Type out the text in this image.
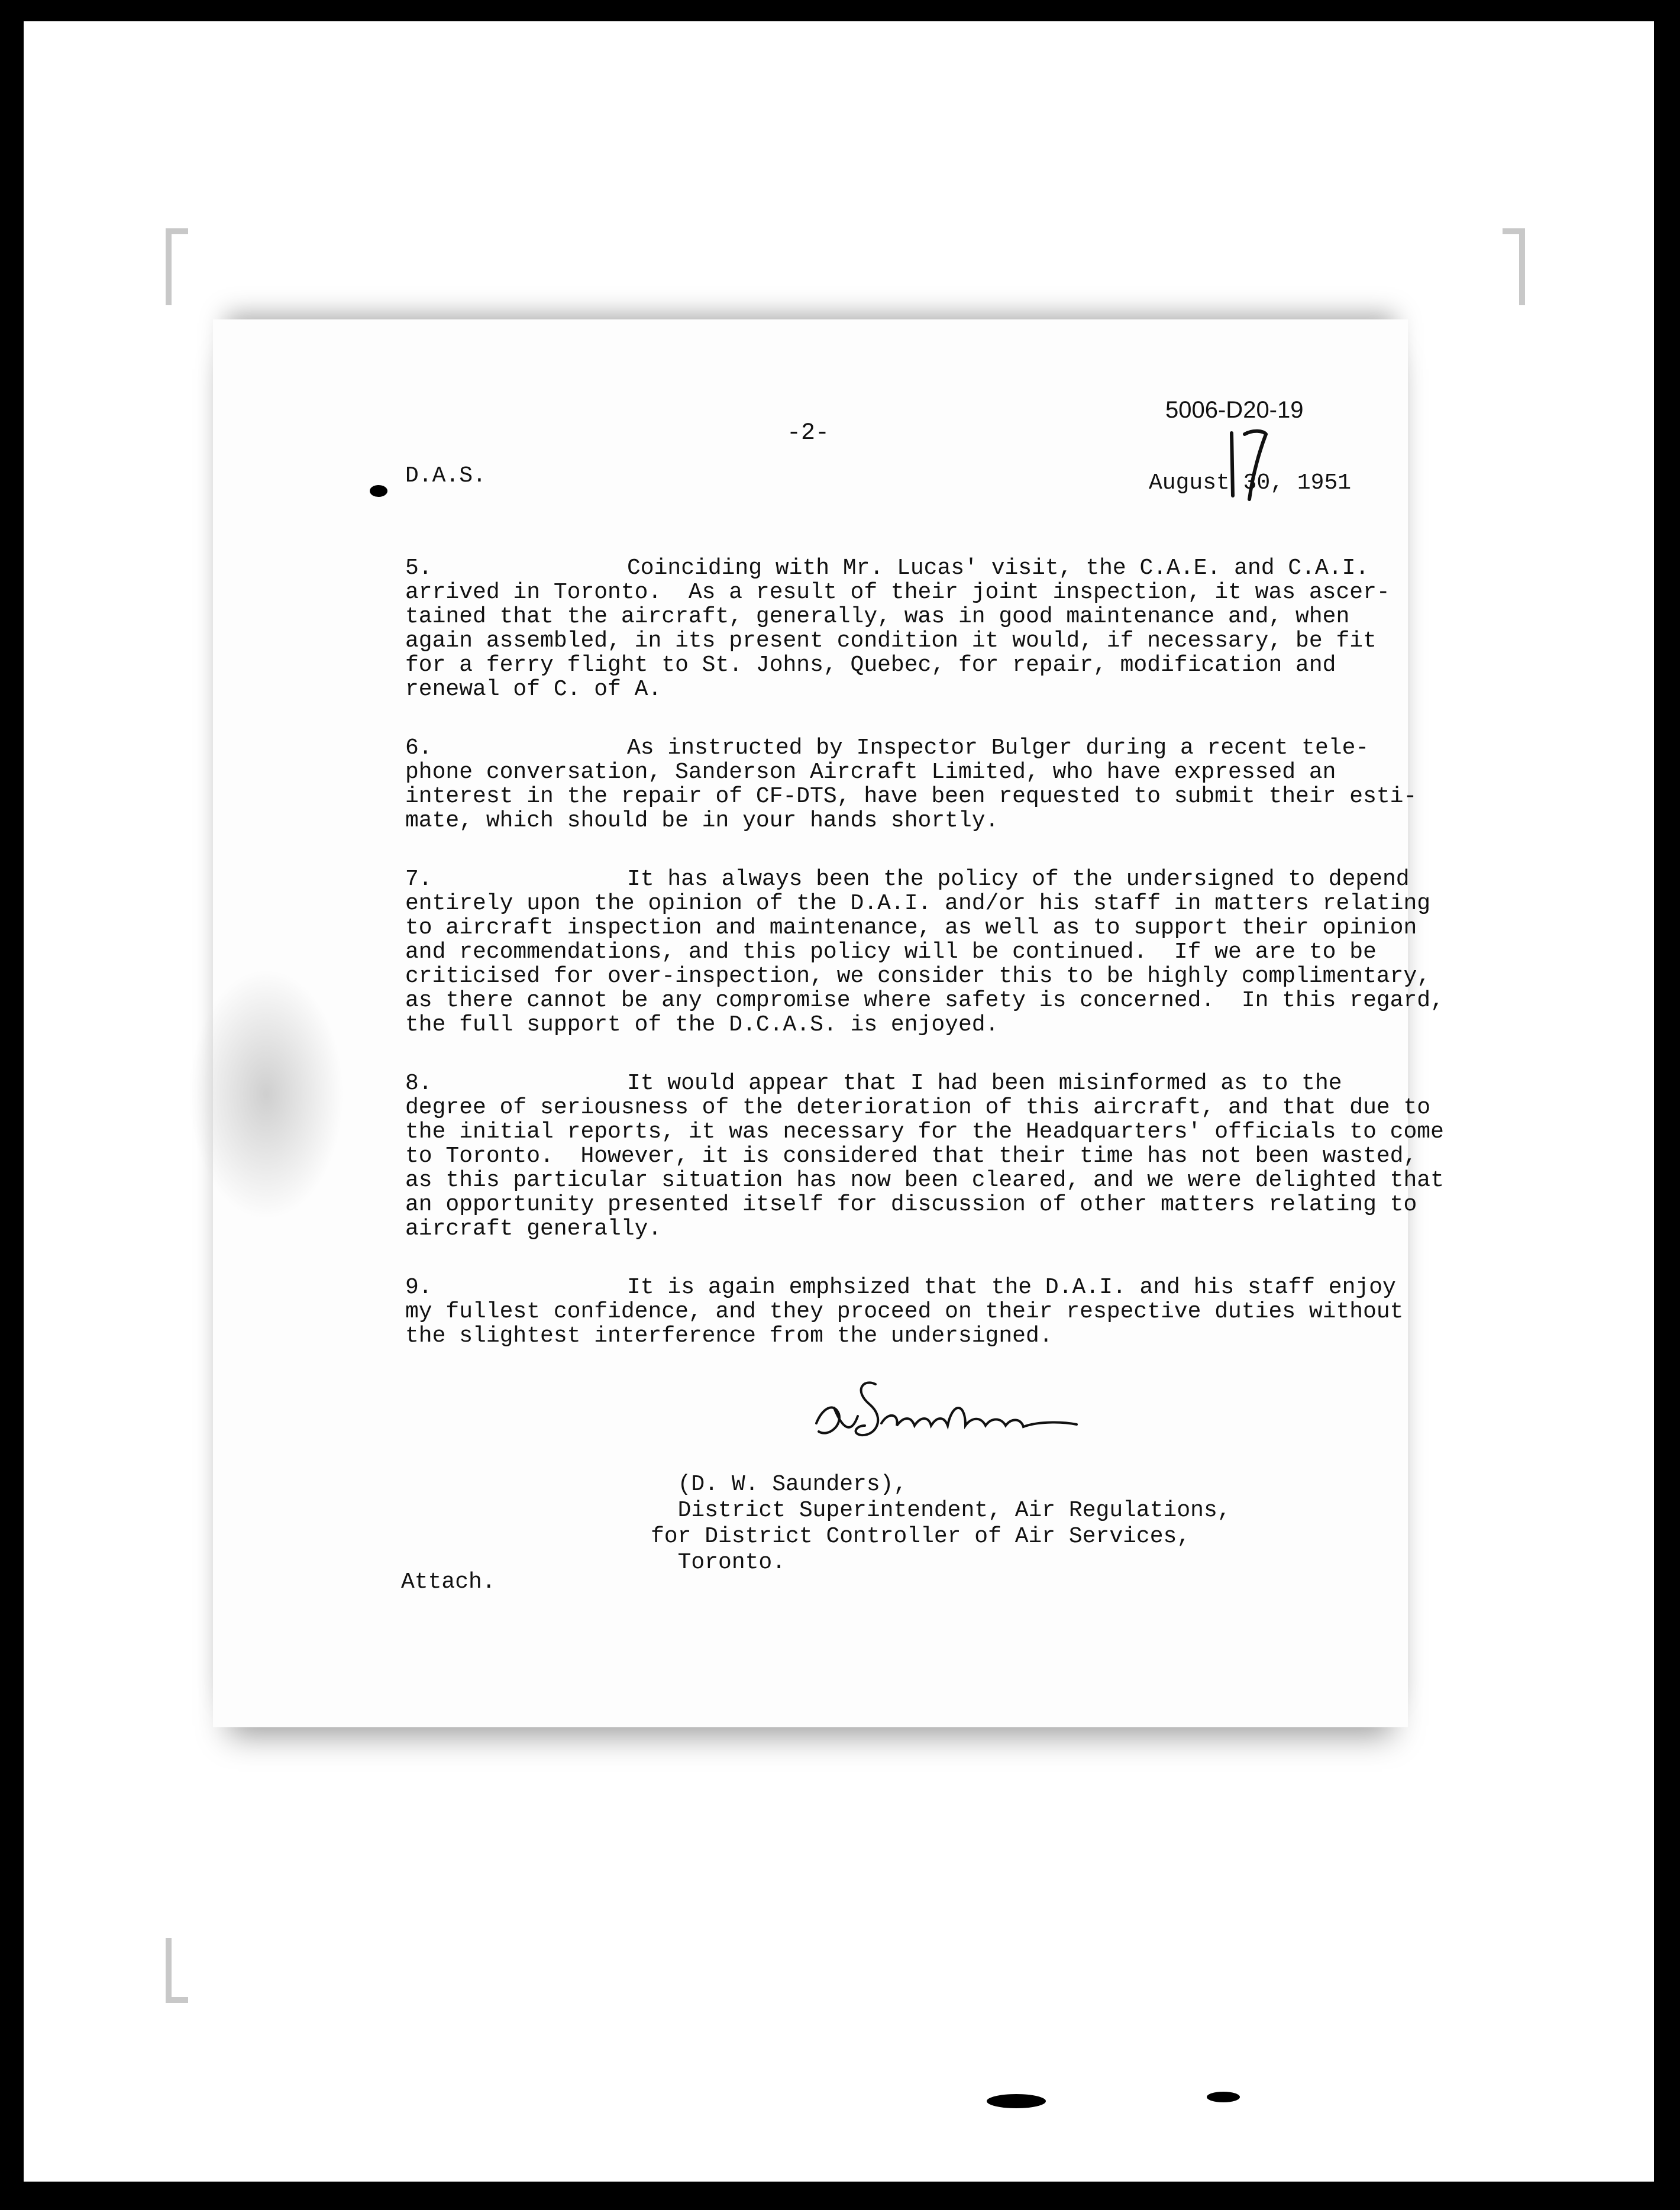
5006-D20-19
-2-
D.A.S.	August 30, 1951
5.	Coinciding with Mr. Lucas' visit, the C.A.E. and C.A.I.
arrived in Toronto.  As a result of their joint inspection, it was ascer-
tained that the aircraft, generally, was in good maintenance and, when
again assembled, in its present condition it would, if necessary, be fit
for a ferry flight to St. Johns, Quebec, for repair, modification and
renewal of C. of A.
6.	As instructed by Inspector Bulger during a recent tele-
phone conversation, Sanderson Aircraft Limited, who have expressed an
interest in the repair of CF-DTS, have been requested to submit their esti-
mate, which should be in your hands shortly.
7.	It has always been the policy of the undersigned to depend
entirely upon the opinion of the D.A.I. and/or his staff in matters relating
to aircraft inspection and maintenance, as well as to support their opinion
and recommendations, and this policy will be continued.  If we are to be
criticised for over-inspection, we consider this to be highly complimentary,
as there cannot be any compromise where safety is concerned.  In this regard,
the full support of the D.C.A.S. is enjoyed.
8.	It would appear that I had been misinformed as to the
degree of seriousness of the deterioration of this aircraft, and that due to
the initial reports, it was necessary for the Headquarters' officials to come
to Toronto.  However, it is considered that their time has not been wasted,
as this particular situation has now been cleared, and we were delighted that
an opportunity presented itself for discussion of other matters relating to
aircraft generally.
9.	It is again emphsized that the D.A.I. and his staff enjoy
my fullest confidence, and they proceed on their respective duties without
the slightest interference from the undersigned.
(D. W. Saunders),
District Superintendent, Air Regulations,
for District Controller of Air Services,
Toronto.
Attach.
